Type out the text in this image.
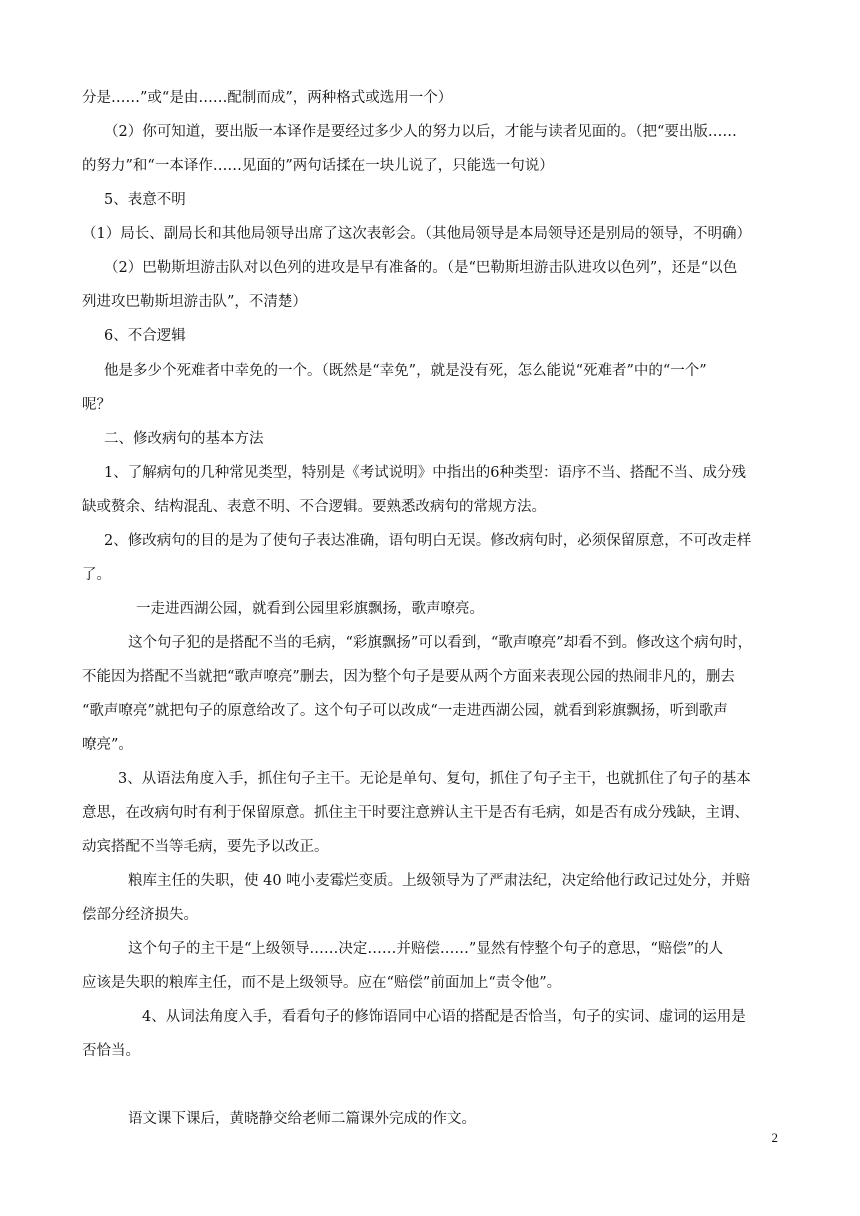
分是……”或“是由……配制而成”，两种格式或选用一个）
（2）你可知道，要出版一本译作是要经过多少人的努力以后，才能与读者见面的。（把“要出版……
的努力”和“一本译作……见面的”两句话揉在一块儿说了，只能选一句说）
5、表意不明
（1）局长、副局长和其他局领导出席了这次表彰会。（其他局领导是本局领导还是别局的领导，不明确）
（2）巴勒斯坦游击队对以色列的进攻是早有准备的。（是“巴勒斯坦游击队进攻以色列”，还是“以色
列进攻巴勒斯坦游击队”，不清楚）
6、不合逻辑
他是多少个死难者中幸免的一个。（既然是“幸免”，就是没有死，怎么能说“死难者”中的“一个”
呢？
二、修改病句的基本方法
1、了解病句的几种常见类型，特别是《考试说明》中指出的6种类型：语序不当、搭配不当、成分残
缺或赘余、结构混乱、表意不明、不合逻辑。要熟悉改病句的常规方法。
2、修改病句的目的是为了使句子表达准确，语句明白无误。修改病句时，必须保留原意，不可改走样
了。
一走进西湖公园，就看到公园里彩旗飘扬，歌声嘹亮。
这个句子犯的是搭配不当的毛病，“彩旗飘扬”可以看到，“歌声嘹亮”却看不到。修改这个病句时，
不能因为搭配不当就把“歌声嘹亮”删去，因为整个句子是要从两个方面来表现公园的热闹非凡的，删去
“歌声嘹亮”就把句子的原意给改了。这个句子可以改成“一走进西湖公园，就看到彩旗飘扬，听到歌声
嘹亮”。
3、从语法角度入手，抓住句子主干。无论是单句、复句，抓住了句子主干，也就抓住了句子的基本
意思，在改病句时有利于保留原意。抓住主干时要注意辨认主干是否有毛病，如是否有成分残缺，主谓、
动宾搭配不当等毛病，要先予以改正。
粮库主任的失职，使 40 吨小麦霉烂变质。上级领导为了严肃法纪，决定给他行政记过处分，并赔
偿部分经济损失。
这个句子的主干是“上级领导……决定……并赔偿……”显然有悖整个句子的意思，“赔偿”的人
应该是失职的粮库主任，而不是上级领导。应在“赔偿”前面加上“责令他”。
4、从词法角度入手，看看句子的修饰语同中心语的搭配是否恰当，句子的实词、虚词的运用是
否恰当。
语文课下课后，黄晓静交给老师二篇课外完成的作文。
2
